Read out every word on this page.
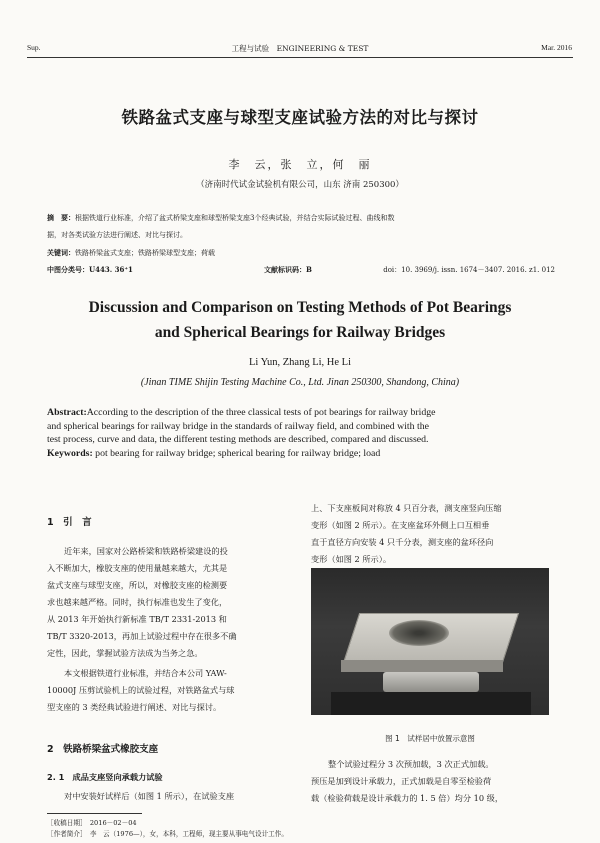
Sup.	工程与试验　ENGINEERING & TEST	Mar. 2016
铁路盆式支座与球型支座试验方法的对比与探讨
李　云，张　立，何　丽
（济南时代试金试验机有限公司，山东 济南 250300）
摘　要：根据铁道行业标准，介绍了盆式桥梁支座和球型桥梁支座3个经典试验，并结合实际试验过程、曲线和数
据，对各类试验方法进行阐述、对比与探讨。
关键词：铁路桥梁盆式支座；铁路桥梁球型支座；荷载
中图分类号：U443. 36⁺1	文献标识码：B	doi：10. 3969/j. issn. 1674－3407. 2016. z1. 012
Discussion and Comparison on Testing Methods of Pot Bearings
and Spherical Bearings for Railway Bridges
Li Yun, Zhang Li, He Li
(Jinan TIME Shijin Testing Machine Co., Ltd. Jinan 250300, Shandong, China)
Abstract:According to the description of the three classical tests of pot bearings for railway bridge
and spherical bearings for railway bridge in the standards of railway field, and combined with the
test process, curve and data, the different testing methods are described, compared and discussed.
Keywords: pot bearing for railway bridge; spherical bearing for railway bridge; load
1　引　言
近年来，国家对公路桥梁和铁路桥梁建设的投
入不断加大，橡胶支座的使用量越来越大，尤其是
盆式支座与球型支座，所以，对橡胶支座的检测要
求也越来越严格。同时，执行标准也发生了变化，
从 2013 年开始执行新标准 TB/T 2331-2013 和
TB/T 3320-2013，再加上试验过程中存在很多不确
定性，因此，掌握试验方法成为当务之急。
本文根据铁道行业标准，并结合本公司 YAW-
10000J 压剪试验机上的试验过程，对铁路盆式与球
型支座的 3 类经典试验进行阐述、对比与探讨。
2　铁路桥梁盆式橡胶支座
2. 1　成品支座竖向承载力试验
对中安装好试样后（如图 1 所示），在试验支座
上、下支座板间对称放 4 只百分表，测支座竖向压缩
变形（如图 2 所示）。在支座盆环外侧上口互相垂
直于直径方向安装 4 只千分表，测支座的盆环径向
变形（如图 2 所示）。
图 1　试样居中放置示意图
整个试验过程分 3 次预加载，3 次正式加载。
预压是加到设计承载力，正式加载是自零至检验荷
载（检验荷载是设计承载力的 1. 5 倍）均分 10 级，
［收稿日期］　2016－02－04
［作者简介］　李　云（1976—），女，本科，工程师，现主要从事电气设计工作。
